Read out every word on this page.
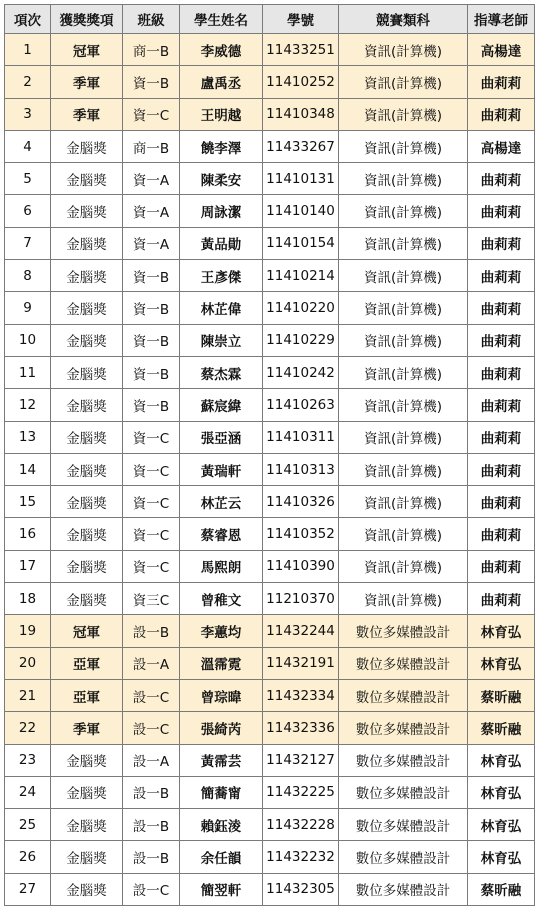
項次	獲獎獎項	班級	學生姓名	學號	競賽類科	指導老師
1	冠軍	商一B	李威德	11433251	資訊(計算機)	高楊達
2	季軍	資一B	盧禹丞	11410252	資訊(計算機)	曲莉莉
3	季軍	資一C	王明越	11410348	資訊(計算機)	曲莉莉
4	金腦獎	商一B	饒李澤	11433267	資訊(計算機)	高楊達
5	金腦獎	資一A	陳柔安	11410131	資訊(計算機)	曲莉莉
6	金腦獎	資一A	周詠潔	11410140	資訊(計算機)	曲莉莉
7	金腦獎	資一A	黃品勛	11410154	資訊(計算機)	曲莉莉
8	金腦獎	資一B	王彥傑	11410214	資訊(計算機)	曲莉莉
9	金腦獎	資一B	林芷偉	11410220	資訊(計算機)	曲莉莉
10	金腦獎	資一B	陳崇立	11410229	資訊(計算機)	曲莉莉
11	金腦獎	資一B	蔡杰霖	11410242	資訊(計算機)	曲莉莉
12	金腦獎	資一B	蘇宸緯	11410263	資訊(計算機)	曲莉莉
13	金腦獎	資一C	張亞涵	11410311	資訊(計算機)	曲莉莉
14	金腦獎	資一C	黃瑞軒	11410313	資訊(計算機)	曲莉莉
15	金腦獎	資一C	林芷云	11410326	資訊(計算機)	曲莉莉
16	金腦獎	資一C	蔡睿恩	11410352	資訊(計算機)	曲莉莉
17	金腦獎	資一C	馬熙朗	11410390	資訊(計算機)	曲莉莉
18	金腦獎	資三C	曾稚文	11210370	資訊(計算機)	曲莉莉
19	冠軍	設一B	李蕙均	11432244	數位多媒體設計	林育弘
20	亞軍	設一A	溫霈霓	11432191	數位多媒體設計	林育弘
21	亞軍	設一C	曾琮暐	11432334	數位多媒體設計	蔡昕融
22	季軍	設一C	張綺芮	11432336	數位多媒體設計	蔡昕融
23	金腦獎	設一A	黃霈芸	11432127	數位多媒體設計	林育弘
24	金腦獎	設一B	簡蕎甯	11432225	數位多媒體設計	林育弘
25	金腦獎	設一B	賴鈺淩	11432228	數位多媒體設計	林育弘
26	金腦獎	設一B	余任韻	11432232	數位多媒體設計	林育弘
27	金腦獎	設一C	簡翌軒	11432305	數位多媒體設計	蔡昕融
